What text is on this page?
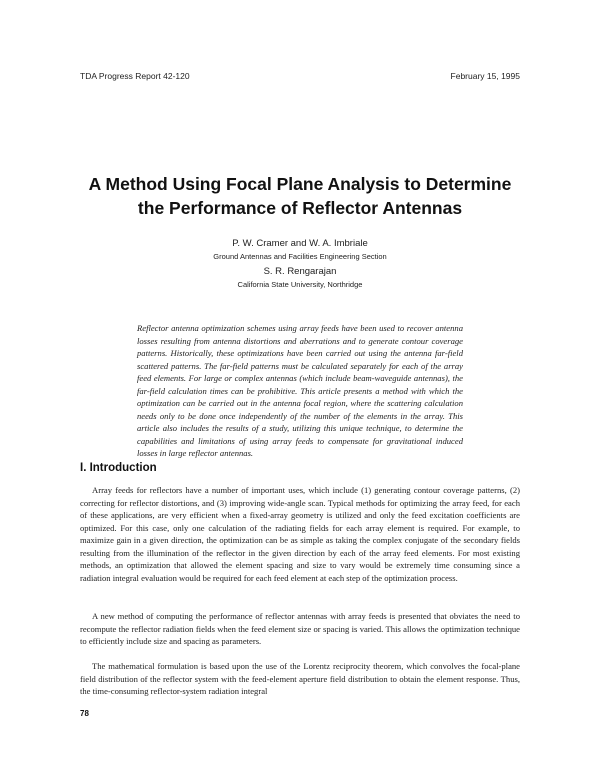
TDA Progress Report 42-120	February 15, 1995
A Method Using Focal Plane Analysis to Determine
the Performance of Reflector Antennas
P. W. Cramer and W. A. Imbriale
Ground Antennas and Facilities Engineering Section
S. R. Rengarajan
California State University, Northridge
Reflector antenna optimization schemes using array feeds have been used to recover antenna losses resulting from antenna distortions and aberrations and to generate contour coverage patterns. Historically, these optimizations have been carried out using the antenna far-field scattered patterns. The far-field patterns must be calculated separately for each of the array feed elements. For large or complex antennas (which include beam-waveguide antennas), the far-field calculation times can be prohibitive. This article presents a method with which the optimization can be carried out in the antenna focal region, where the scattering calculation needs only to be done once independently of the number of the elements in the array. This article also includes the results of a study, utilizing this unique technique, to determine the capabilities and limitations of using array feeds to compensate for gravitational induced losses in large reflector antennas.
I. Introduction
Array feeds for reflectors have a number of important uses, which include (1) generating contour coverage patterns, (2) correcting for reflector distortions, and (3) improving wide-angle scan. Typical methods for optimizing the array feed, for each of these applications, are very efficient when a fixed-array geometry is utilized and only the feed excitation coefficients are optimized. For this case, only one calculation of the radiating fields for each array element is required. For example, to maximize gain in a given direction, the optimization can be as simple as taking the complex conjugate of the secondary fields resulting from the illumination of the reflector in the given direction by each of the array feed elements. For most existing methods, an optimization that allowed the element spacing and size to vary would be extremely time consuming since a radiation integral evaluation would be required for each feed element at each step of the optimization process.
A new method of computing the performance of reflector antennas with array feeds is presented that obviates the need to recompute the reflector radiation fields when the feed element size or spacing is varied. This allows the optimization technique to efficiently include size and spacing as parameters.
The mathematical formulation is based upon the use of the Lorentz reciprocity theorem, which convolves the focal-plane field distribution of the reflector system with the feed-element aperture field distribution to obtain the element response. Thus, the time-consuming reflector-system radiation integral
78
